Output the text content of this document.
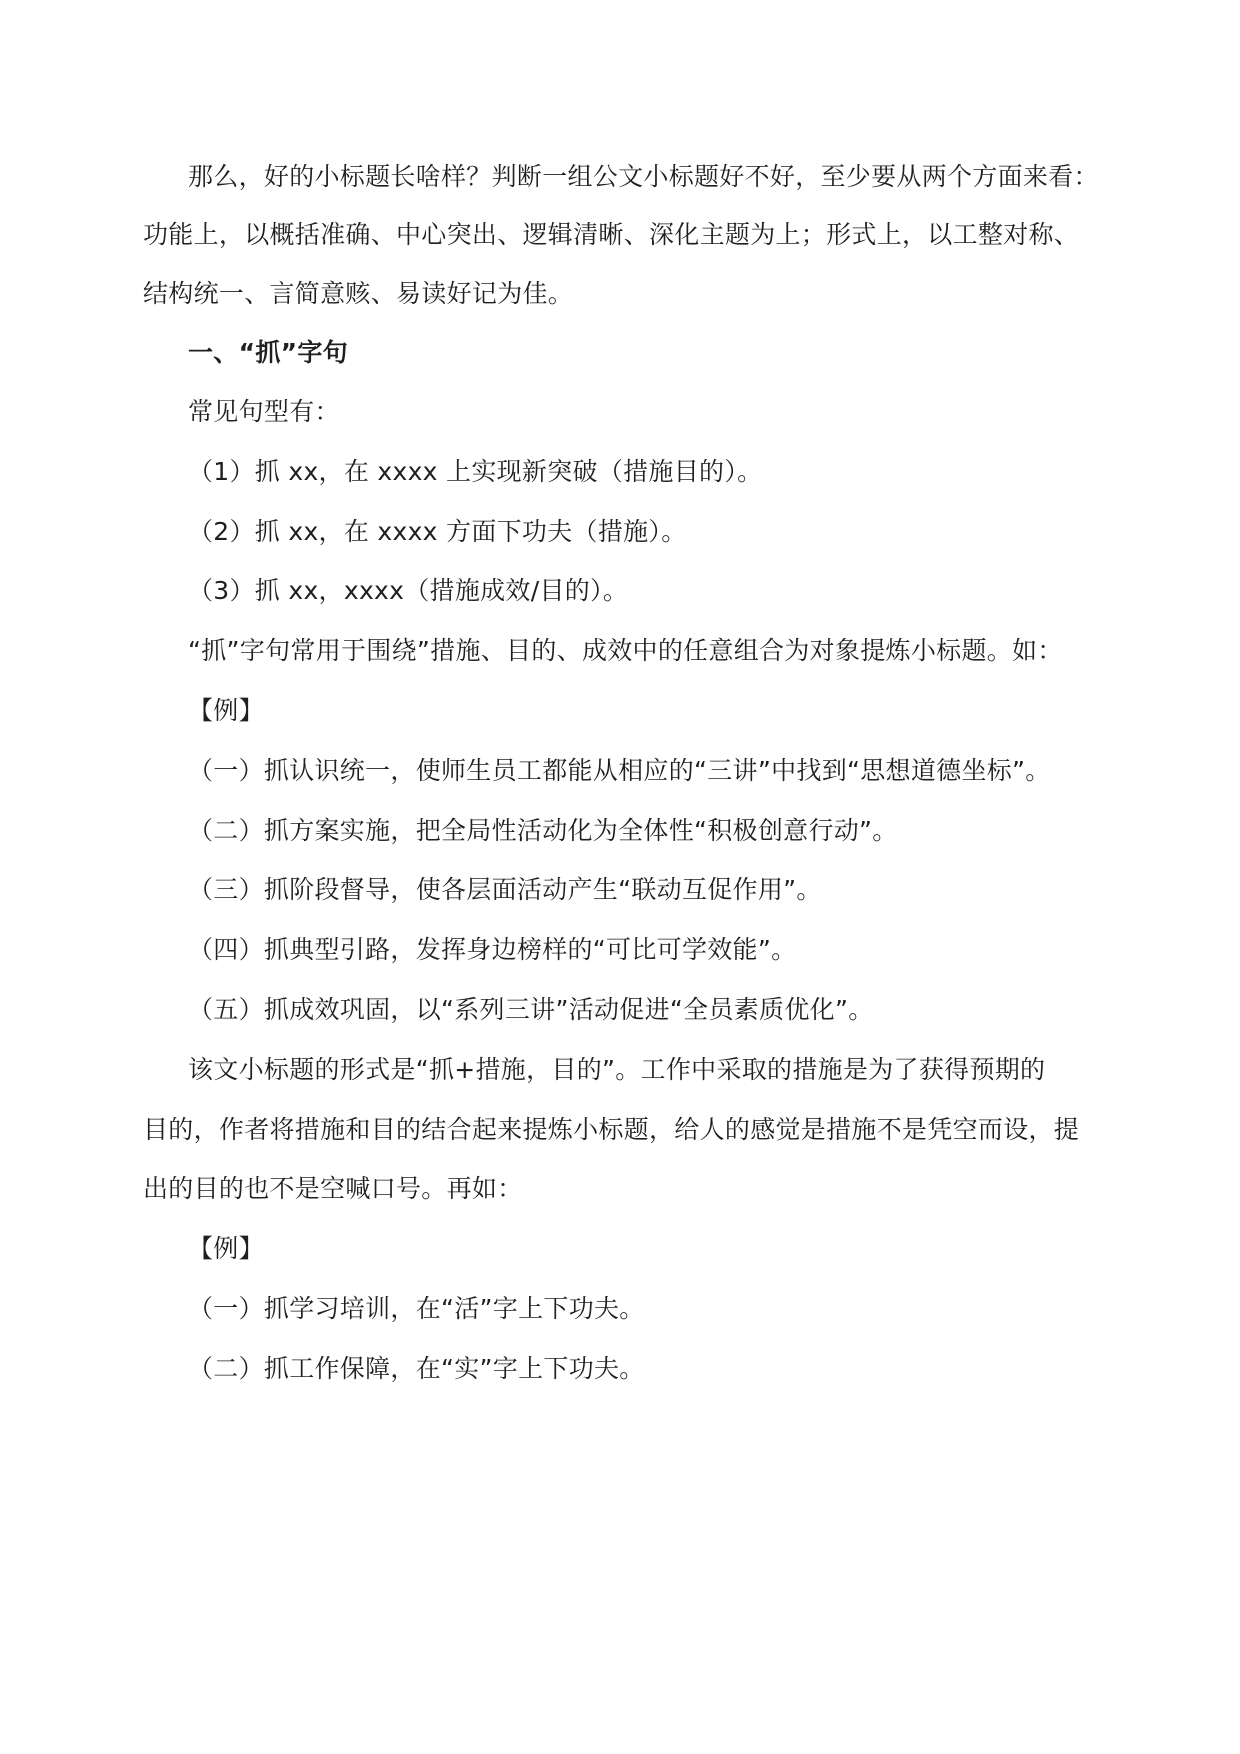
那么，好的小标题长啥样？判断一组公文小标题好不好，至少要从两个方面来看：

功能上，以概括准确、中心突出、逻辑清晰、深化主题为上；形式上，以工整对称、

结构统一、言简意赅、易读好记为佳。

一、“抓”字句

常见句型有：

（1）抓 xx，在 xxxx 上实现新突破（措施目的）。

（2）抓 xx，在 xxxx 方面下功夫（措施）。

（3）抓 xx，xxxx（措施成效/目的）。

“抓”字句常用于围绕”措施、目的、成效中的任意组合为对象提炼小标题。如：

【例】

（一）抓认识统一，使师生员工都能从相应的“三讲”中找到“思想道德坐标”。

（二）抓方案实施，把全局性活动化为全体性“积极创意行动”。

（三）抓阶段督导，使各层面活动产生“联动互促作用”。

（四）抓典型引路，发挥身边榜样的“可比可学效能”。

（五）抓成效巩固，以“系列三讲”活动促进“全员素质优化”。

该文小标题的形式是“抓+措施，目的”。工作中采取的措施是为了获得预期的

目的，作者将措施和目的结合起来提炼小标题，给人的感觉是措施不是凭空而设，提

出的目的也不是空喊口号。再如：

【例】

（一）抓学习培训，在“活”字上下功夫。

（二）抓工作保障，在“实”字上下功夫。
